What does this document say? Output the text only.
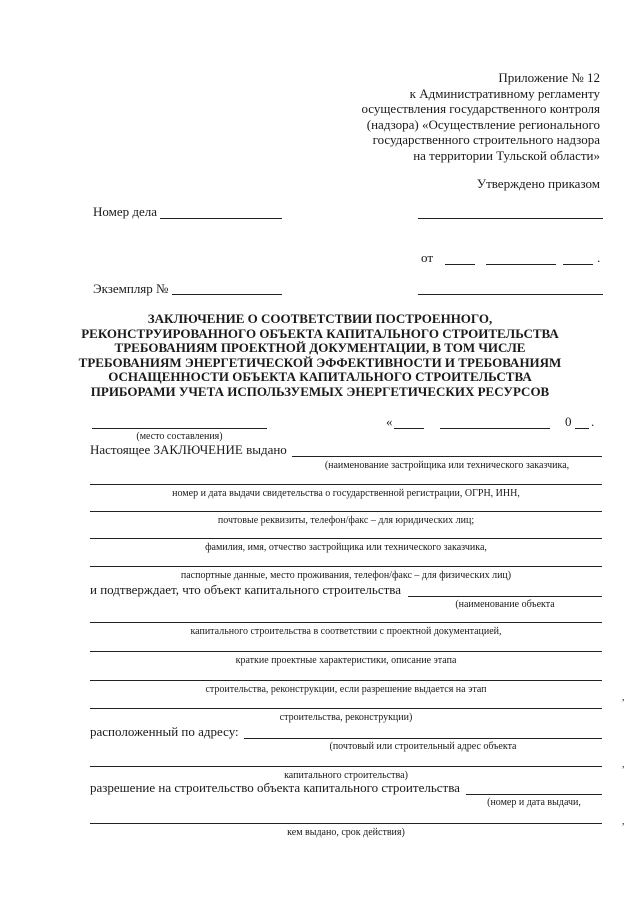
Приложение № 12
к Административному регламенту
осуществления государственного контроля
(надзора) «Осуществление регионального
государственного строительного надзора
на территории Тульской области»
Утверждено приказом
Номер дела
от	.
Экземпляр №
ЗАКЛЮЧЕНИЕ О СООТВЕТСТВИИ ПОСТРОЕННОГО,
РЕКОНСТРУИРОВАННОГО ОБЪЕКТА КАПИТАЛЬНОГО СТРОИТЕЛЬСТВА
ТРЕБОВАНИЯМ ПРОЕКТНОЙ ДОКУМЕНТАЦИИ, В ТОМ ЧИСЛЕ
ТРЕБОВАНИЯМ ЭНЕРГЕТИЧЕСКОЙ ЭФФЕКТИВНОСТИ И ТРЕБОВАНИЯМ
ОСНАЩЕННОСТИ ОБЪЕКТА КАПИТАЛЬНОГО СТРОИТЕЛЬСТВА
ПРИБОРАМИ УЧЕТА ИСПОЛЬЗУЕМЫХ ЭНЕРГЕТИЧЕСКИХ РЕСУРСОВ
(место составления)
«	0 .
Настоящее ЗАКЛЮЧЕНИЕ выдано
(наименование застройщика или технического заказчика,
номер и дата выдачи свидетельства о государственной регистрации, ОГРН, ИНН,
почтовые реквизиты, телефон/факс – для юридических лиц;
фамилия, имя, отчество застройщика или технического заказчика,
паспортные данные, место проживания, телефон/факс – для физических лиц)
и подтверждает, что объект капитального строительства
(наименование объекта
капитального строительства в соответствии с проектной документацией,
краткие проектные характеристики, описание этапа
строительства, реконструкции, если разрешение выдается на этап
,
строительства, реконструкции)
расположенный по адресу:
(почтовый или строительный адрес объекта
капитального строительства)
,
разрешение на строительство объекта капитального строительства
(номер и дата выдачи,
кем выдано, срок действия)
,
